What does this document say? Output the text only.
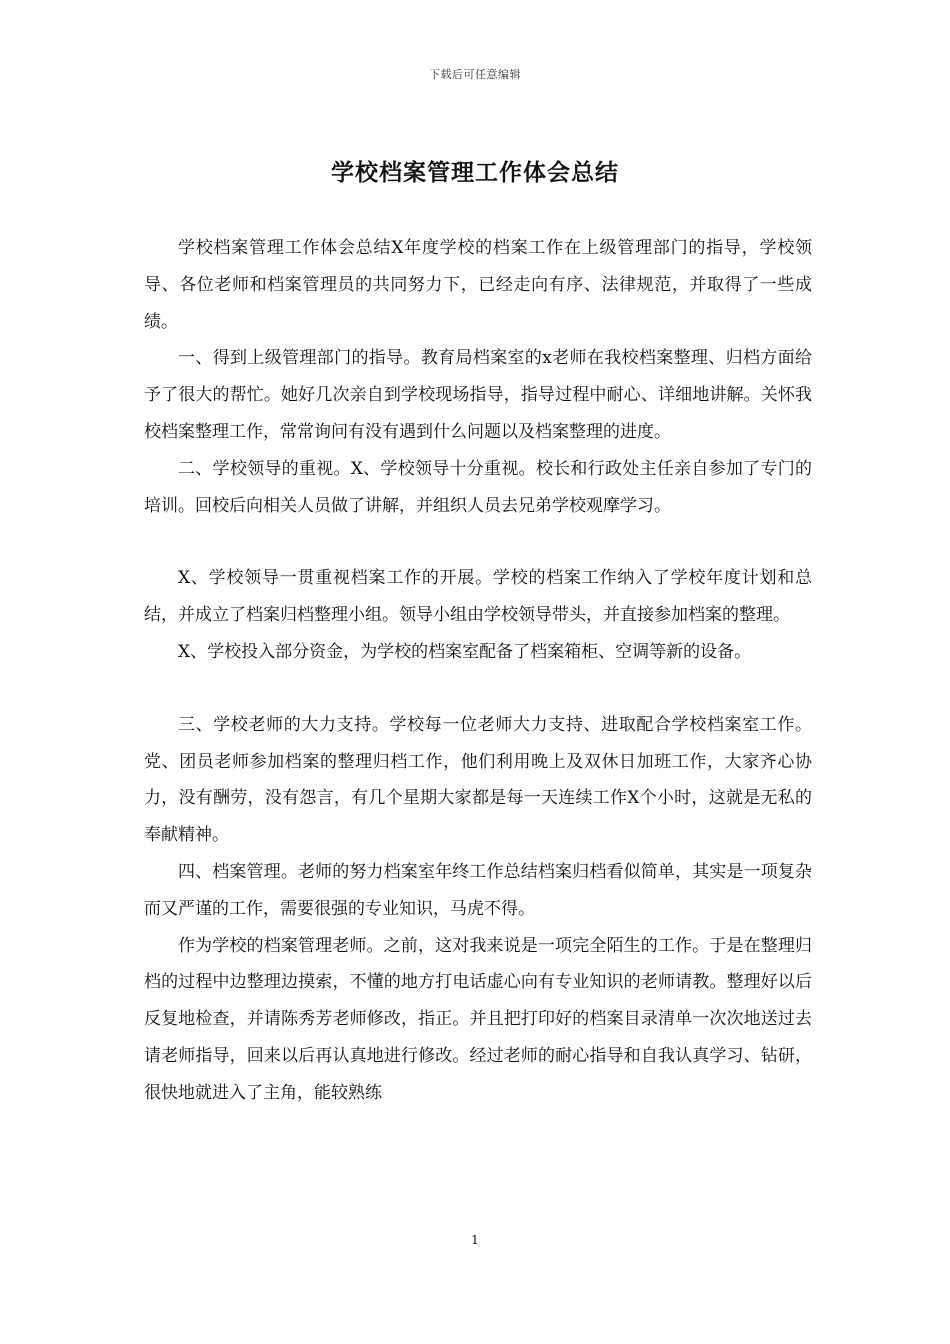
下载后可任意编辑
学校档案管理工作体会总结

学校档案管理工作体会总结X年度学校的档案工作在上级管理部门的指导，学校领导、各位老师和档案管理员的共同努力下，已经走向有序、法律规范，并取得了一些成绩。

一、得到上级管理部门的指导。教育局档案室的x老师在我校档案整理、归档方面给予了很大的帮忙。她好几次亲自到学校现场指导，指导过程中耐心、详细地讲解。关怀我校档案整理工作，常常询问有没有遇到什么问题以及档案整理的进度。

二、学校领导的重视。X、学校领导十分重视。校长和行政处主任亲自参加了专门的培训。回校后向相关人员做了讲解，并组织人员去兄弟学校观摩学习。

X、学校领导一贯重视档案工作的开展。学校的档案工作纳入了学校年度计划和总结，并成立了档案归档整理小组。领导小组由学校领导带头，并直接参加档案的整理。

X、学校投入部分资金，为学校的档案室配备了档案箱柜、空调等新的设备。

三、学校老师的大力支持。学校每一位老师大力支持、进取配合学校档案室工作。党、团员老师参加档案的整理归档工作，他们利用晚上及双休日加班工作，大家齐心协力，没有酬劳，没有怨言，有几个星期大家都是每一天连续工作X个小时，这就是无私的奉献精神。

四、档案管理。老师的努力档案室年终工作总结档案归档看似简单，其实是一项复杂而又严谨的工作，需要很强的专业知识，马虎不得。

作为学校的档案管理老师。之前，这对我来说是一项完全陌生的工作。于是在整理归档的过程中边整理边摸索，不懂的地方打电话虚心向有专业知识的老师请教。整理好以后反复地检查，并请陈秀芳老师修改，指正。并且把打印好的档案目录清单一次次地送过去请老师指导，回来以后再认真地进行修改。经过老师的耐心指导和自我认真学习、钻研，很快地就进入了主角，能较熟练

1
